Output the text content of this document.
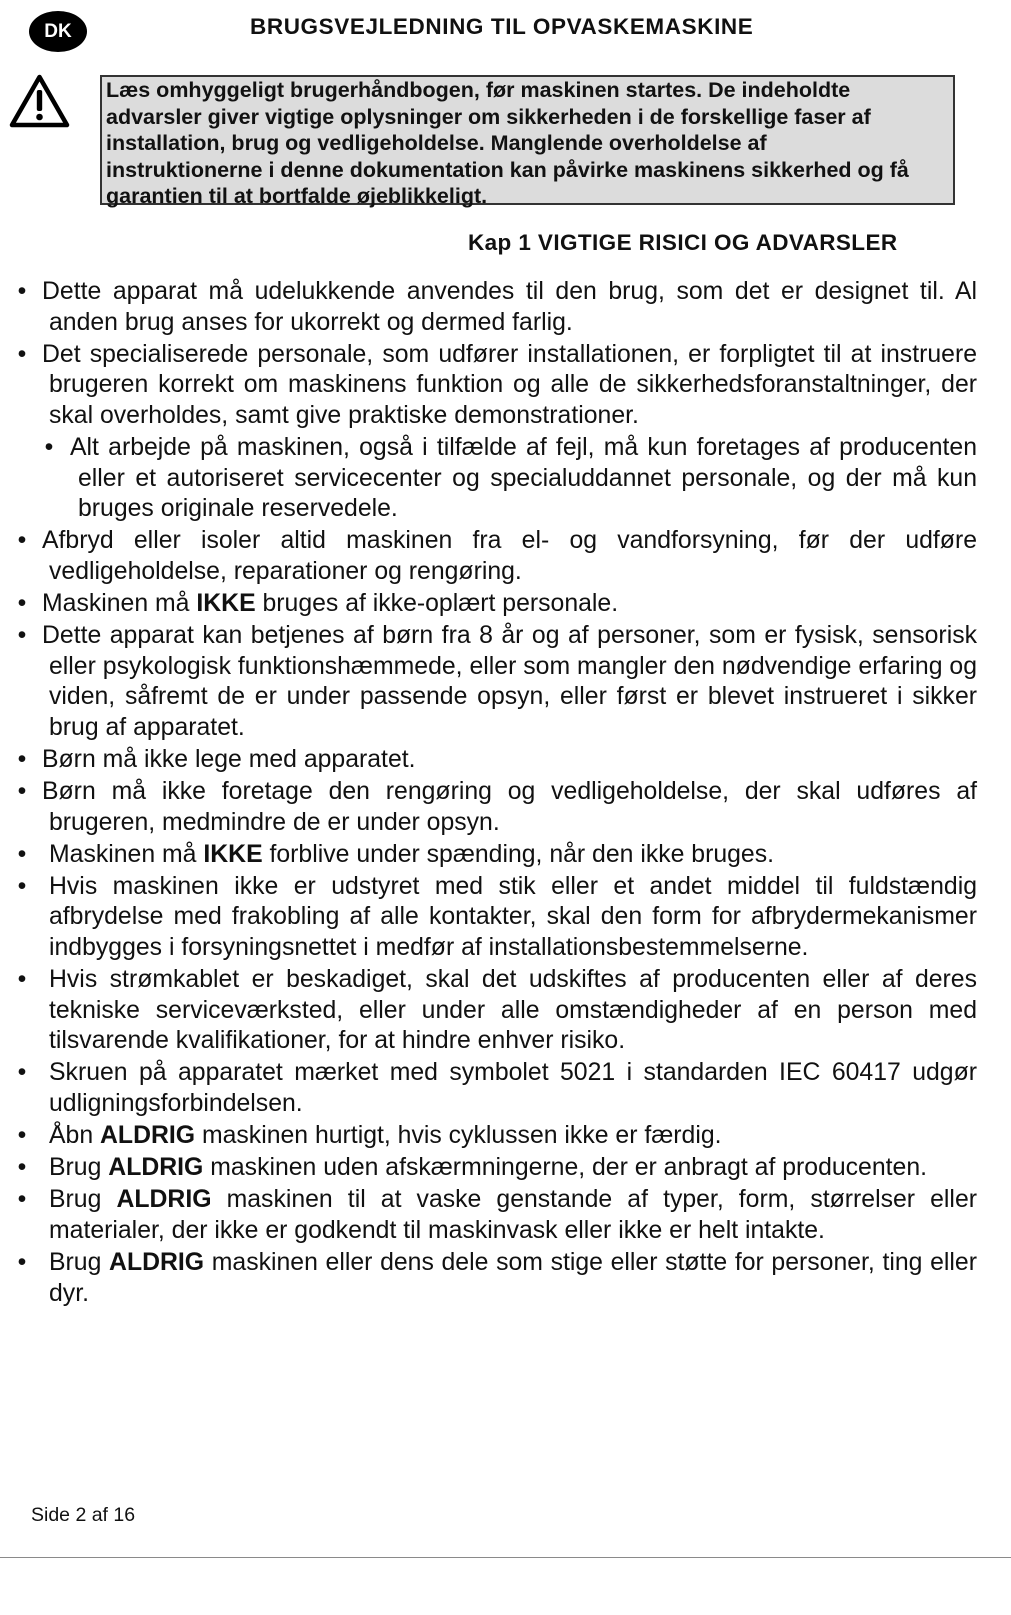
DK	BRUGSVEJLEDNING TIL OPVASKEMASKINE
Læs omhyggeligt brugerhåndbogen, før maskinen startes. De indeholdte
advarsler giver vigtige oplysninger om sikkerheden i de forskellige faser af
installation, brug og vedligeholdelse. Manglende overholdelse af
instruktionerne i denne dokumentation kan påvirke maskinens sikkerhed og få
garantien til at bortfalde øjeblikkeligt.
Kap 1 VIGTIGE RISICI OG ADVARSLER
• Dette apparat må udelukkende anvendes til den brug, som det er designet til. Al anden brug anses for ukorrekt og dermed farlig.
• Det specialiserede personale, som udfører installationen, er forpligtet til at instruere brugeren korrekt om maskinens funktion og alle de sikkerhedsforanstaltninger, der skal overholdes, samt give praktiske demonstrationer.
• Alt arbejde på maskinen, også i tilfælde af fejl, må kun foretages af producenten eller et autoriseret servicecenter og specialuddannet personale, og der må kun bruges originale reservedele.
• Afbryd eller isoler altid maskinen fra el- og vandforsyning, før der udføre vedligeholdelse, reparationer og rengøring.
• Maskinen må IKKE bruges af ikke-oplært personale.
• Dette apparat kan betjenes af børn fra 8 år og af personer, som er fysisk, sensorisk eller psykologisk funktionshæmmede, eller som mangler den nødvendige erfaring og viden, såfremt de er under passende opsyn, eller først er blevet instrueret i sikker brug af apparatet.
• Børn må ikke lege med apparatet.
• Børn må ikke foretage den rengøring og vedligeholdelse, der skal udføres af brugeren, medmindre de er under opsyn.
• Maskinen må IKKE forblive under spænding, når den ikke bruges.
• Hvis maskinen ikke er udstyret med stik eller et andet middel til fuldstændig afbrydelse med frakobling af alle kontakter, skal den form for afbrydermekanismer indbygges i forsyningsnettet i medfør af installationsbestemmelserne.
• Hvis strømkablet er beskadiget, skal det udskiftes af producenten eller af deres tekniske serviceværksted, eller under alle omstændigheder af en person med tilsvarende kvalifikationer, for at hindre enhver risiko.
• Skruen på apparatet mærket med symbolet 5021 i standarden IEC 60417 udgør udligningsforbindelsen.
• Åbn ALDRIG maskinen hurtigt, hvis cyklussen ikke er færdig.
• Brug ALDRIG maskinen uden afskærmningerne, der er anbragt af producenten.
• Brug ALDRIG maskinen til at vaske genstande af typer, form, størrelser eller materialer, der ikke er godkendt til maskinvask eller ikke er helt intakte.
• Brug ALDRIG maskinen eller dens dele som stige eller støtte for personer, ting eller dyr.
Side 2 af 16
